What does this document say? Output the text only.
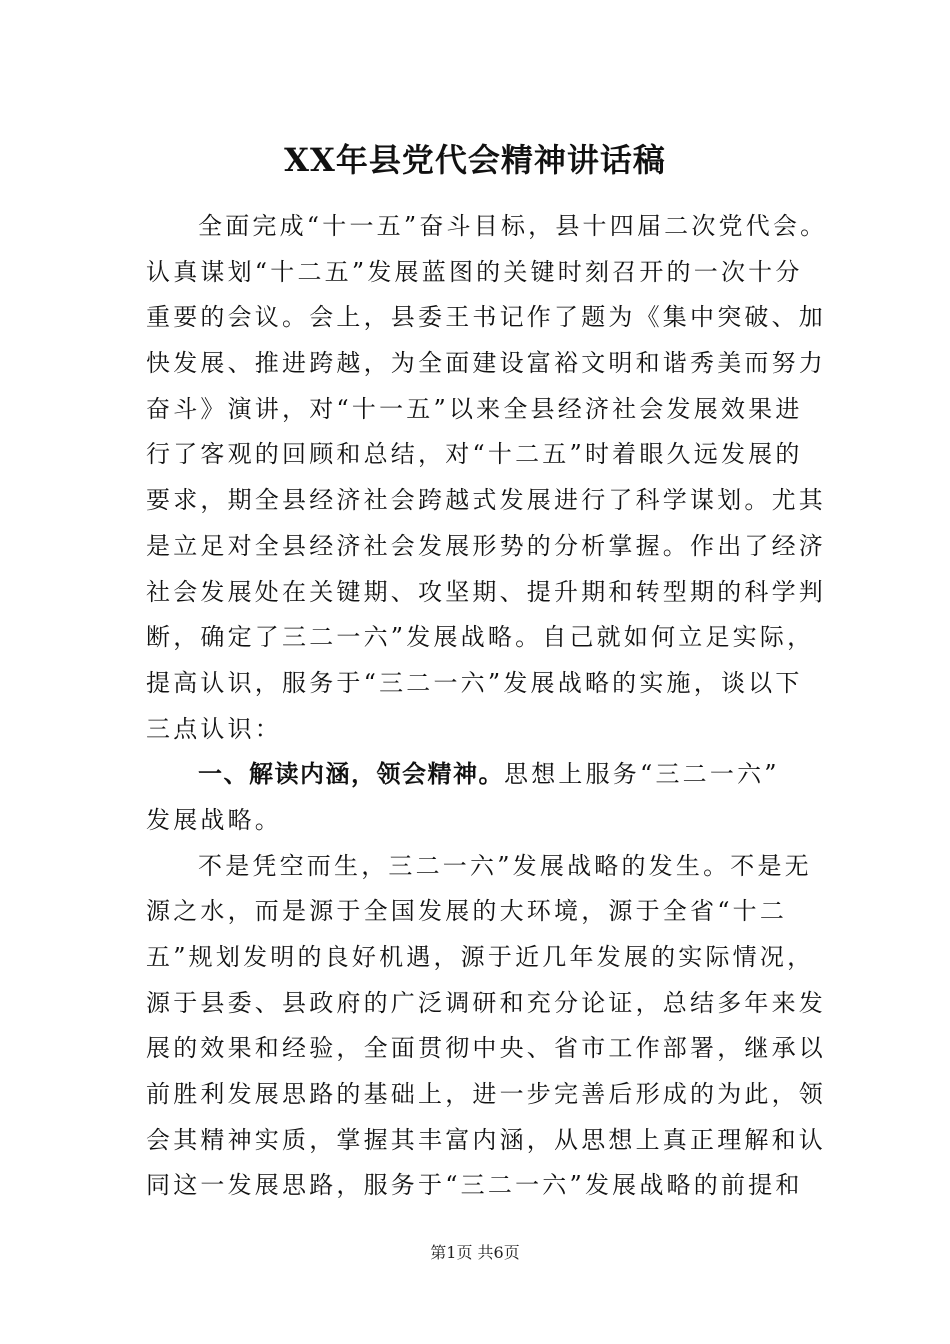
XX年县党代会精神讲话稿
全面完成“十一五”奋斗目标，县十四届二次党代会。
认真谋划“十二五”发展蓝图的关键时刻召开的一次十分
重要的会议。会上，县委王书记作了题为《集中突破、加
快发展、推进跨越，为全面建设富裕文明和谐秀美而努力
奋斗》演讲，对“十一五”以来全县经济社会发展效果进
行了客观的回顾和总结，对“十二五”时着眼久远发展的
要求，期全县经济社会跨越式发展进行了科学谋划。尤其
是立足对全县经济社会发展形势的分析掌握。作出了经济
社会发展处在关键期、攻坚期、提升期和转型期的科学判
断，确定了三二一六”发展战略。自己就如何立足实际，
提高认识，服务于“三二一六”发展战略的实施，谈以下
三点认识：
一、解读内涵，领会精神。思想上服务“三二一六”
发展战略。
不是凭空而生，三二一六”发展战略的发生。不是无
源之水，而是源于全国发展的大环境，源于全省“十二
五”规划发明的良好机遇，源于近几年发展的实际情况，
源于县委、县政府的广泛调研和充分论证，总结多年来发
展的效果和经验，全面贯彻中央、省市工作部署，继承以
前胜利发展思路的基础上，进一步完善后形成的为此，领
会其精神实质，掌握其丰富内涵，从思想上真正理解和认
同这一发展思路，服务于“三二一六”发展战略的前提和
第1页 共6页
